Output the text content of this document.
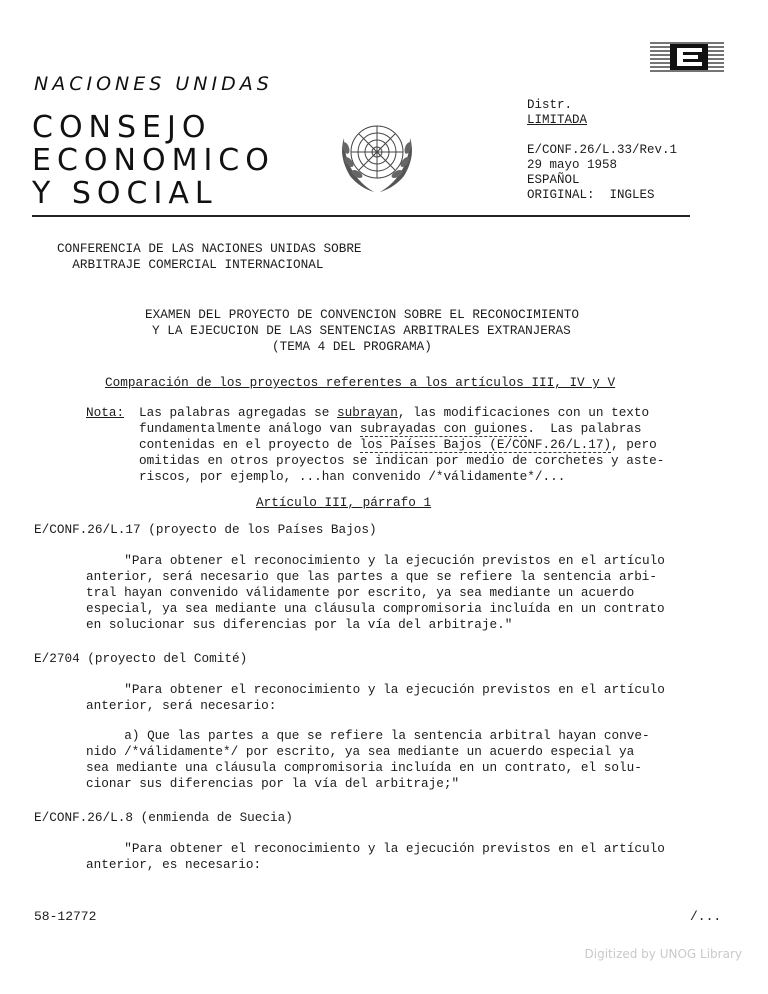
NACIONES UNIDAS
CONSEJO
ECONOMICO
Y SOCIAL
Distr.
LIMITADA
E/CONF.26/L.33/Rev.1
29 mayo 1958
ESPAÑOL
ORIGINAL:  INGLES
CONFERENCIA DE LAS NACIONES UNIDAS SOBRE
ARBITRAJE COMERCIAL INTERNACIONAL
EXAMEN DEL PROYECTO DE CONVENCION SOBRE EL RECONOCIMIENTO
Y LA EJECUCION DE LAS SENTENCIAS ARBITRALES EXTRANJERAS
(TEMA 4 DEL PROGRAMA)
Comparación de los proyectos referentes a los artículos III, IV y V
Nota: Las palabras agregadas se subrayan, las modificaciones con un texto
fundamentalmente análogo van subrayadas con guiones.  Las palabras
contenidas en el proyecto de los Países Bajos (E/CONF.26/L.17), pero
omitidas en otros proyectos se indican por medio de corchetes y aste-
riscos, por ejemplo, ...han convenido /*válidamente*/...
Artículo III, párrafo 1
E/CONF.26/L.17 (proyecto de los Países Bajos)
"Para obtener el reconocimiento y la ejecución previstos en el artículo
anterior, será necesario que las partes a que se refiere la sentencia arbi-
tral hayan convenido válidamente por escrito, ya sea mediante un acuerdo
especial, ya sea mediante una cláusula compromisoria incluída en un contrato
en solucionar sus diferencias por la vía del arbitraje."
E/2704 (proyecto del Comité)
"Para obtener el reconocimiento y la ejecución previstos en el artículo
anterior, será necesario:
a) Que las partes a que se refiere la sentencia arbitral hayan conve-
nido /*válidamente*/ por escrito, ya sea mediante un acuerdo especial ya
sea mediante una cláusula compromisoria incluída en un contrato, el solu-
cionar sus diferencias por la vía del arbitraje;"
E/CONF.26/L.8 (enmienda de Suecia)
"Para obtener el reconocimiento y la ejecución previstos en el artículo
anterior, es necesario:
58-12772	/...
Digitized by UNOG Library
